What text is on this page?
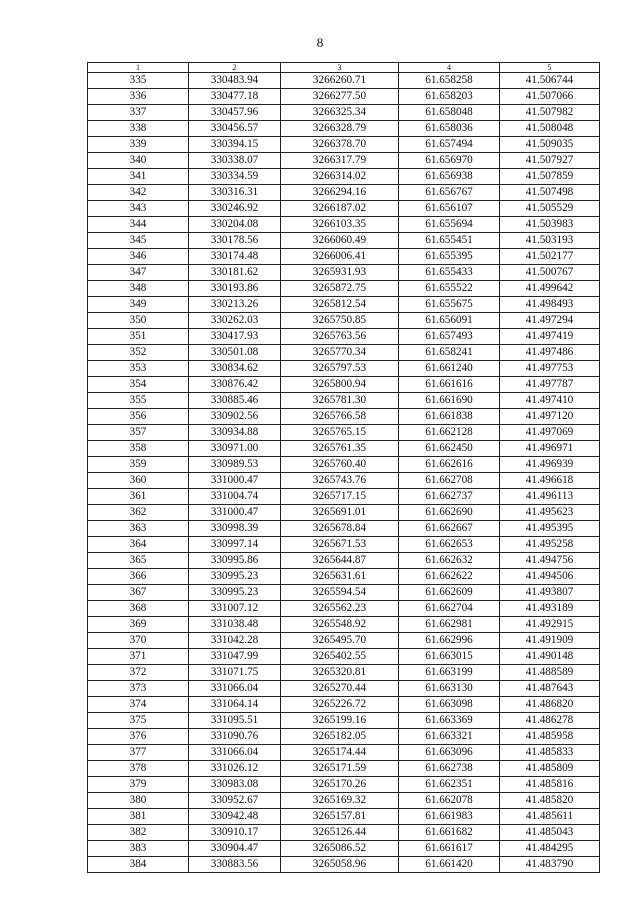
8
1	2	3	4	5
335	330483.94	3266260.71	61.658258	41.506744
336	330477.18	3266277.50	61.658203	41.507066
337	330457.96	3266325.34	61.658048	41.507982
338	330456.57	3266328.79	61.658036	41.508048
339	330394.15	3266378.70	61.657494	41.509035
340	330338.07	3266317.79	61.656970	41.507927
341	330334.59	3266314.02	61.656938	41.507859
342	330316.31	3266294.16	61.656767	41.507498
343	330246.92	3266187.02	61.656107	41.505529
344	330204.08	3266103.35	61.655694	41.503983
345	330178.56	3266060.49	61.655451	41.503193
346	330174.48	3266006.41	61.655395	41.502177
347	330181.62	3265931.93	61.655433	41.500767
348	330193.86	3265872.75	61.655522	41.499642
349	330213.26	3265812.54	61.655675	41.498493
350	330262.03	3265750.85	61.656091	41.497294
351	330417.93	3265763.56	61.657493	41.497419
352	330501.08	3265770.34	61.658241	41.497486
353	330834.62	3265797.53	61.661240	41.497753
354	330876.42	3265800.94	61.661616	41.497787
355	330885.46	3265781.30	61.661690	41.497410
356	330902.56	3265766.58	61.661838	41.497120
357	330934.88	3265765.15	61.662128	41.497069
358	330971.00	3265761.35	61.662450	41.496971
359	330989.53	3265760.40	61.662616	41.496939
360	331000.47	3265743.76	61.662708	41.496618
361	331004.74	3265717.15	61.662737	41.496113
362	331000.47	3265691.01	61.662690	41.495623
363	330998.39	3265678.84	61.662667	41.495395
364	330997.14	3265671.53	61.662653	41.495258
365	330995.86	3265644.87	61.662632	41.494756
366	330995.23	3265631.61	61.662622	41.494506
367	330995.23	3265594.54	61.662609	41.493807
368	331007.12	3265562.23	61.662704	41.493189
369	331038.48	3265548.92	61.662981	41.492915
370	331042.28	3265495.70	61.662996	41.491909
371	331047.99	3265402.55	61.663015	41.490148
372	331071.75	3265320.81	61.663199	41.488589
373	331066.04	3265270.44	61.663130	41.487643
374	331064.14	3265226.72	61.663098	41.486820
375	331095.51	3265199.16	61.663369	41.486278
376	331090.76	3265182.05	61.663321	41.485958
377	331066.04	3265174.44	61.663096	41.485833
378	331026.12	3265171.59	61.662738	41.485809
379	330983.08	3265170.26	61.662351	41.485816
380	330952.67	3265169.32	61.662078	41.485820
381	330942.48	3265157.81	61.661983	41.485611
382	330910.17	3265126.44	61.661682	41.485043
383	330904.47	3265086.52	61.661617	41.484295
384	330883.56	3265058.96	61.661420	41.483790
